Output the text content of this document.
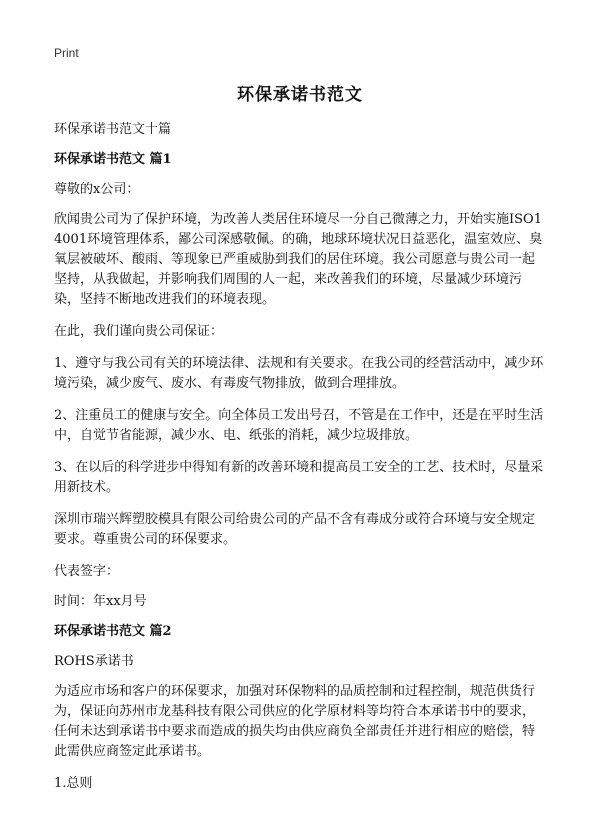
Print
环保承诺书范文

环保承诺书范文十篇

环保承诺书范文 篇1

尊敬的x公司：

欣闻贵公司为了保护环境，为改善人类居住环境尽一分自己微薄之力，开始实施ISO14001环境管理体系，鄙公司深感敬佩。的确，地球环境状况日益恶化，温室效应、臭氧层被破坏、酸雨、等现象已严重威胁到我们的居住环境。我公司愿意与贵公司一起坚持，从我做起，并影响我们周围的人一起，来改善我们的环境，尽量减少环境污染，坚持不断地改进我们的环境表现。

在此，我们谨向贵公司保证：

1、遵守与我公司有关的环境法律、法规和有关要求。在我公司的经营活动中，减少环境污染，减少废气、废水、有毒废气物排放，做到合理排放。

2、注重员工的健康与安全。向全体员工发出号召，不管是在工作中，还是在平时生活中，自觉节省能源，减少水、电、纸张的消耗，减少垃圾排放。

3、在以后的科学进步中得知有新的改善环境和提高员工安全的工艺、技术时，尽量采用新技术。

深圳市瑞兴辉塑胶模具有限公司给贵公司的产品不含有毒成分或符合环境与安全规定要求。尊重贵公司的环保要求。

代表签字：

时间：年xx月号

环保承诺书范文 篇2

ROHS承诺书

为适应市场和客户的环保要求，加强对环保物料的品质控制和过程控制，规范供货行为，保证向苏州市龙基科技有限公司供应的化学原材料等均符合本承诺书中的要求，任何未达到承诺书中要求而造成的损失均由供应商负全部责任并进行相应的赔偿，特此需供应商签定此承诺书。

1.总则
